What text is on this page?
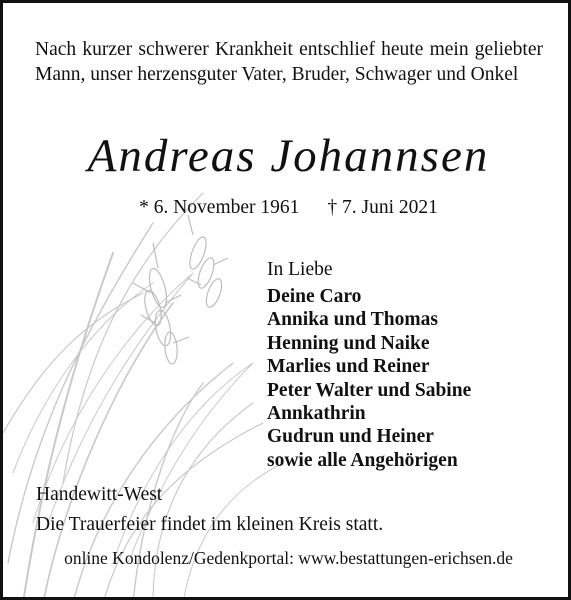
Nach kurzer schwerer Krankheit entschlief heute mein geliebter Mann, unser herzensguter Vater, Bruder, Schwager und Onkel
Andreas Johannsen
* 6. November 1961 † 7. Juni 2021
In Liebe
Deine Caro
Annika und Thomas
Henning und Naike
Marlies und Reiner
Peter Walter und Sabine
Annkathrin
Gudrun und Heiner
sowie alle Angehörigen
Handewitt-West
Die Trauerfeier findet im kleinen Kreis statt.
online Kondolenz/Gedenkportal: www.bestattungen-erichsen.de
